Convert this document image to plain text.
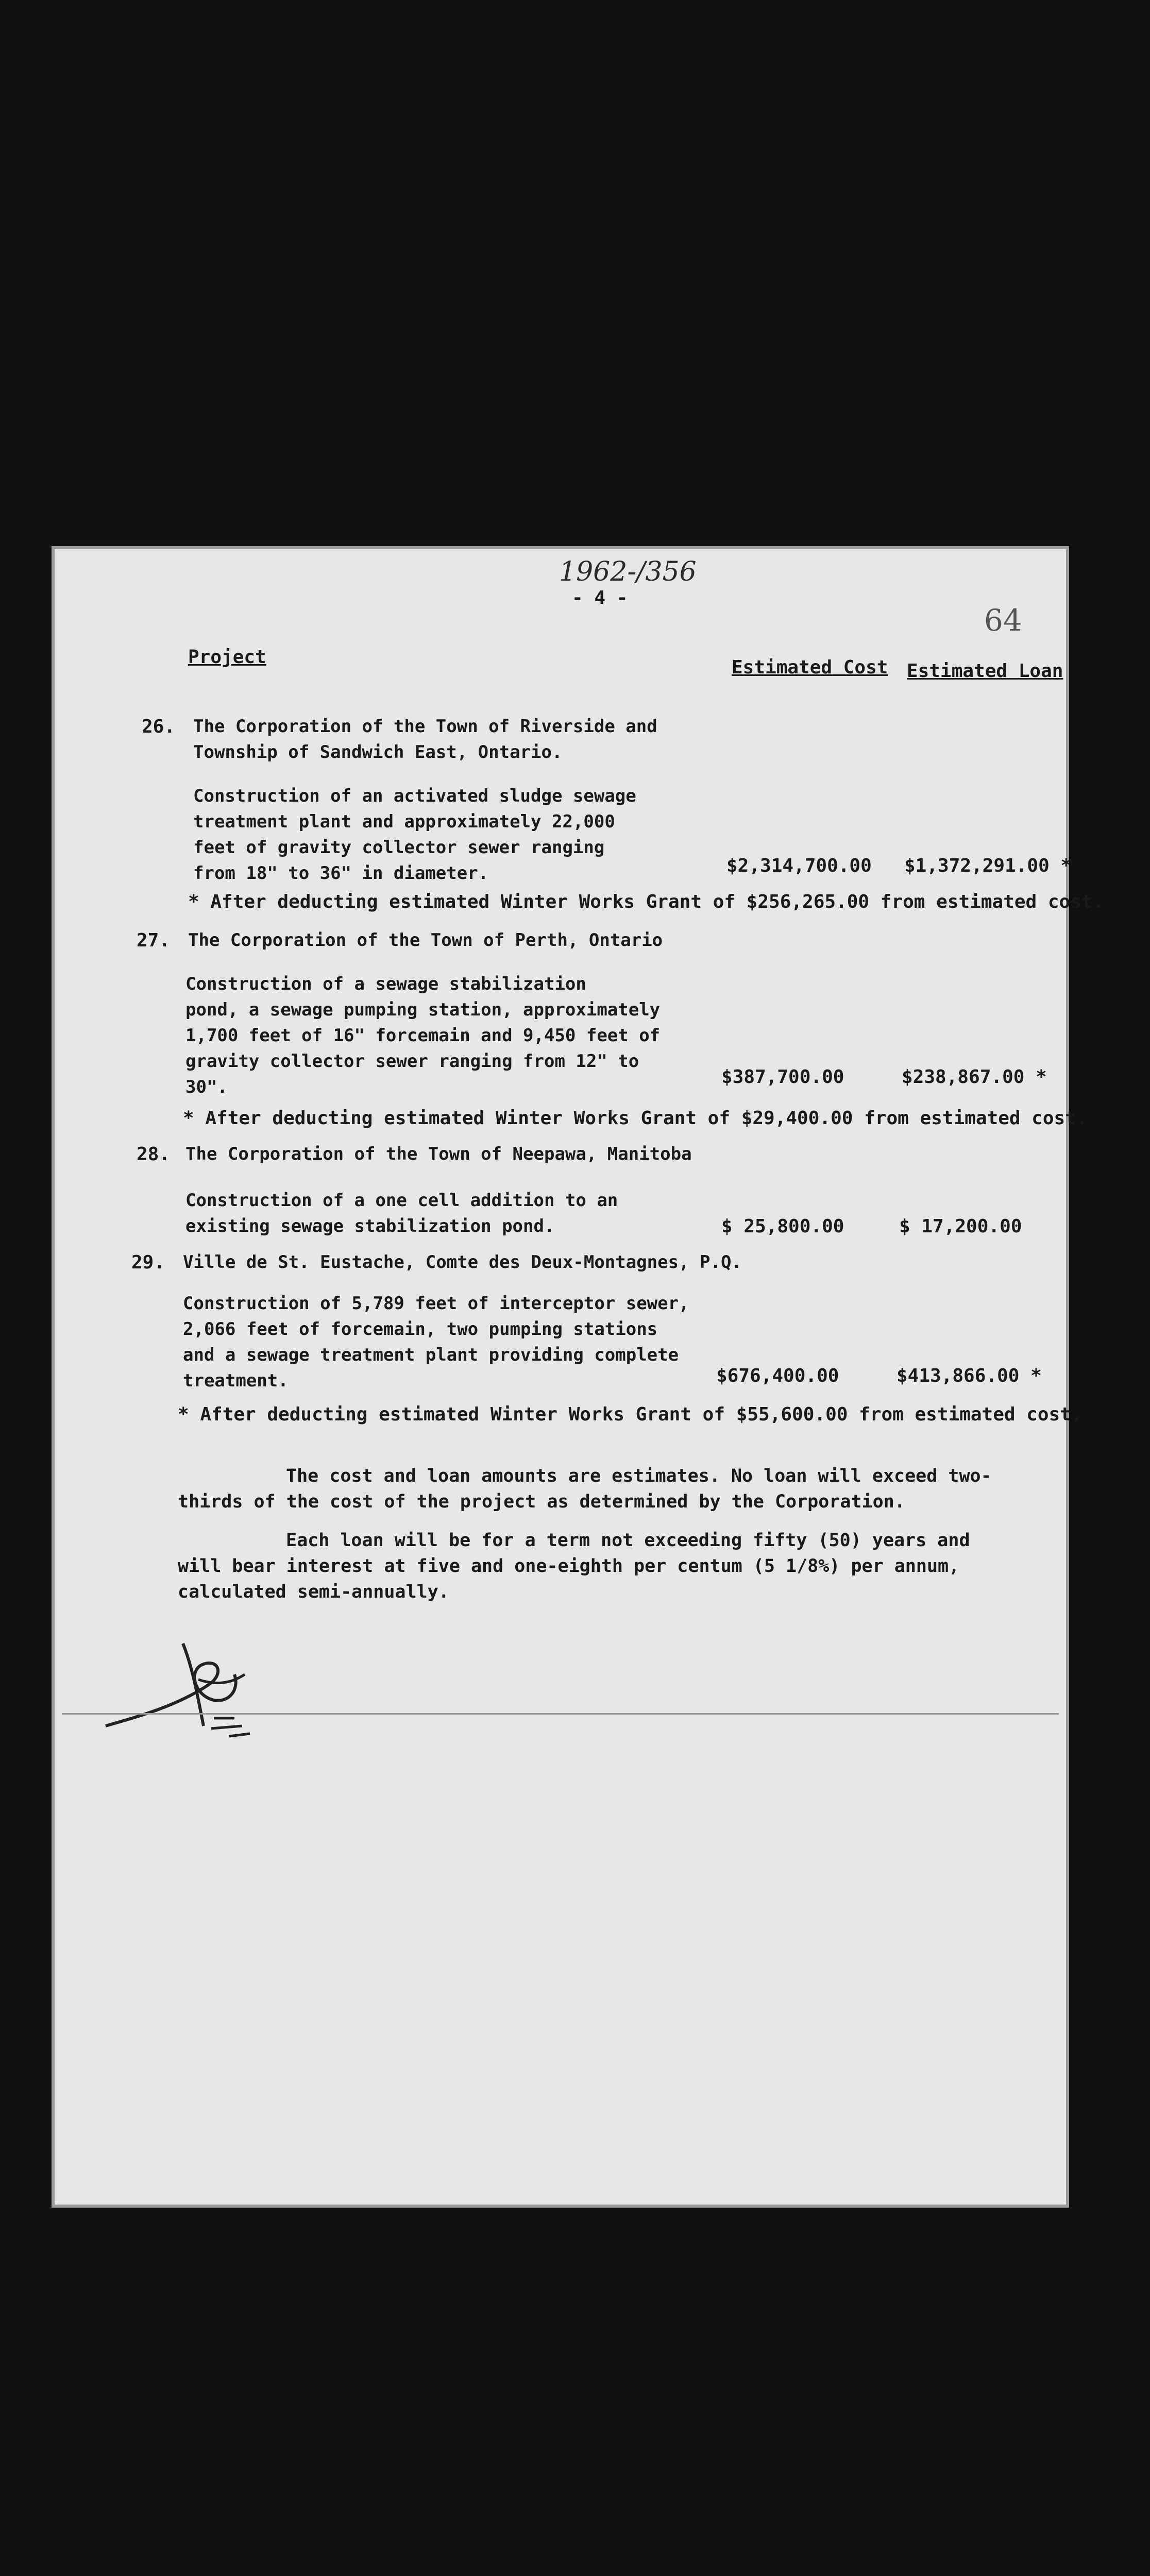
1962-/356
- 4 -
64
Project	Estimated Cost Estimated Loan
26. The Corporation of the Town of Riverside and
Township of Sandwich East, Ontario.
Construction of an activated sludge sewage
treatment plant and approximately 22,000
feet of gravity collector sewer ranging
from 18" to 36" in diameter.	$2,314,700.00 $1,372,291.00 *
* After deducting estimated Winter Works Grant of $256,265.00 from estimated cost.
27. The Corporation of the Town of Perth, Ontario
Construction of a sewage stabilization
pond, a sewage pumping station, approximately
1,700 feet of 16" forcemain and 9,450 feet of
gravity collector sewer ranging from 12" to
30".	$387,700.00	$238,867.00 *
* After deducting estimated Winter Works Grant of $29,400.00 from estimated cost.
28. The Corporation of the Town of Neepawa, Manitoba
Construction of a one cell addition to an
existing sewage stabilization pond.	$ 25,800.00	$ 17,200.00
29. Ville de St. Eustache, Comte des Deux-Montagnes, P.Q.
Construction of 5,789 feet of interceptor sewer,
2,066 feet of forcemain, two pumping stations
and a sewage treatment plant providing complete
treatment.	$676,400.00	$413,866.00 *
* After deducting estimated Winter Works Grant of $55,600.00 from estimated cost.
The cost and loan amounts are estimates. No loan will exceed two-
thirds of the cost of the project as determined by the Corporation.
Each loan will be for a term not exceeding fifty (50) years and
will bear interest at five and one-eighth per centum (5 1/8%) per annum,
calculated semi-annually.
